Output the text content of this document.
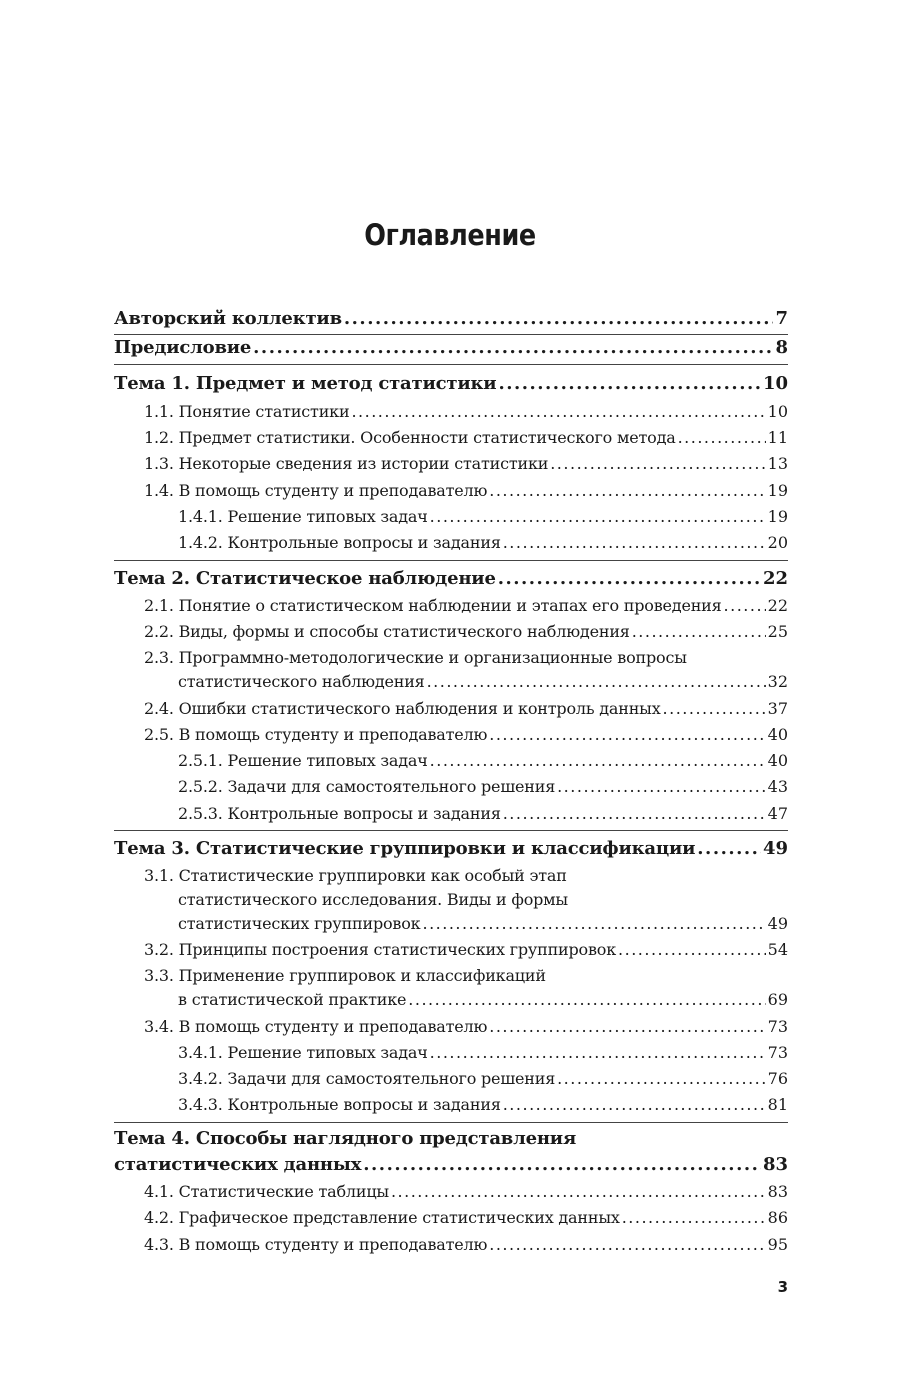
Оглавление
Авторский коллектив .....	7
Предисловие .....	8
Тема 1. Предмет и метод статистики .....	10
1.1. Понятие статистики .....	10
1.2. Предмет статистики. Особенности статистического метода .....	11
1.3. Некоторые сведения из истории статистики .....	13
1.4. В помощь студенту и преподавателю .....	19
1.4.1. Решение типовых задач .....	19
1.4.2. Контрольные вопросы и задания .....	20
Тема 2. Статистическое наблюдение .....	22
2.1. Понятие о статистическом наблюдении и этапах его проведения .....	22
2.2. Виды, формы и способы статистического наблюдения .....	25
2.3. Программно-методологические и организационные вопросы
статистического наблюдения .....	32
2.4. Ошибки статистического наблюдения и контроль данных .....	37
2.5. В помощь студенту и преподавателю .....	40
2.5.1. Решение типовых задач .....	40
2.5.2. Задачи для самостоятельного решения .....	43
2.5.3. Контрольные вопросы и задания .....	47
Тема 3. Статистические группировки и классификации .....	49
3.1. Статистические группировки как особый этап
статистического исследования. Виды и формы
статистических группировок .....	49
3.2. Принципы построения статистических группировок .....	54
3.3. Применение группировок и классификаций
в статистической практике .....	69
3.4. В помощь студенту и преподавателю .....	73
3.4.1. Решение типовых задач .....	73
3.4.2. Задачи для самостоятельного решения .....	76
3.4.3. Контрольные вопросы и задания .....	81
Тема 4. Способы наглядного представления
статистических данных .....	83
4.1. Статистические таблицы .....	83
4.2. Графическое представление статистических данных .....	86
4.3. В помощь студенту и преподавателю .....	95
3
